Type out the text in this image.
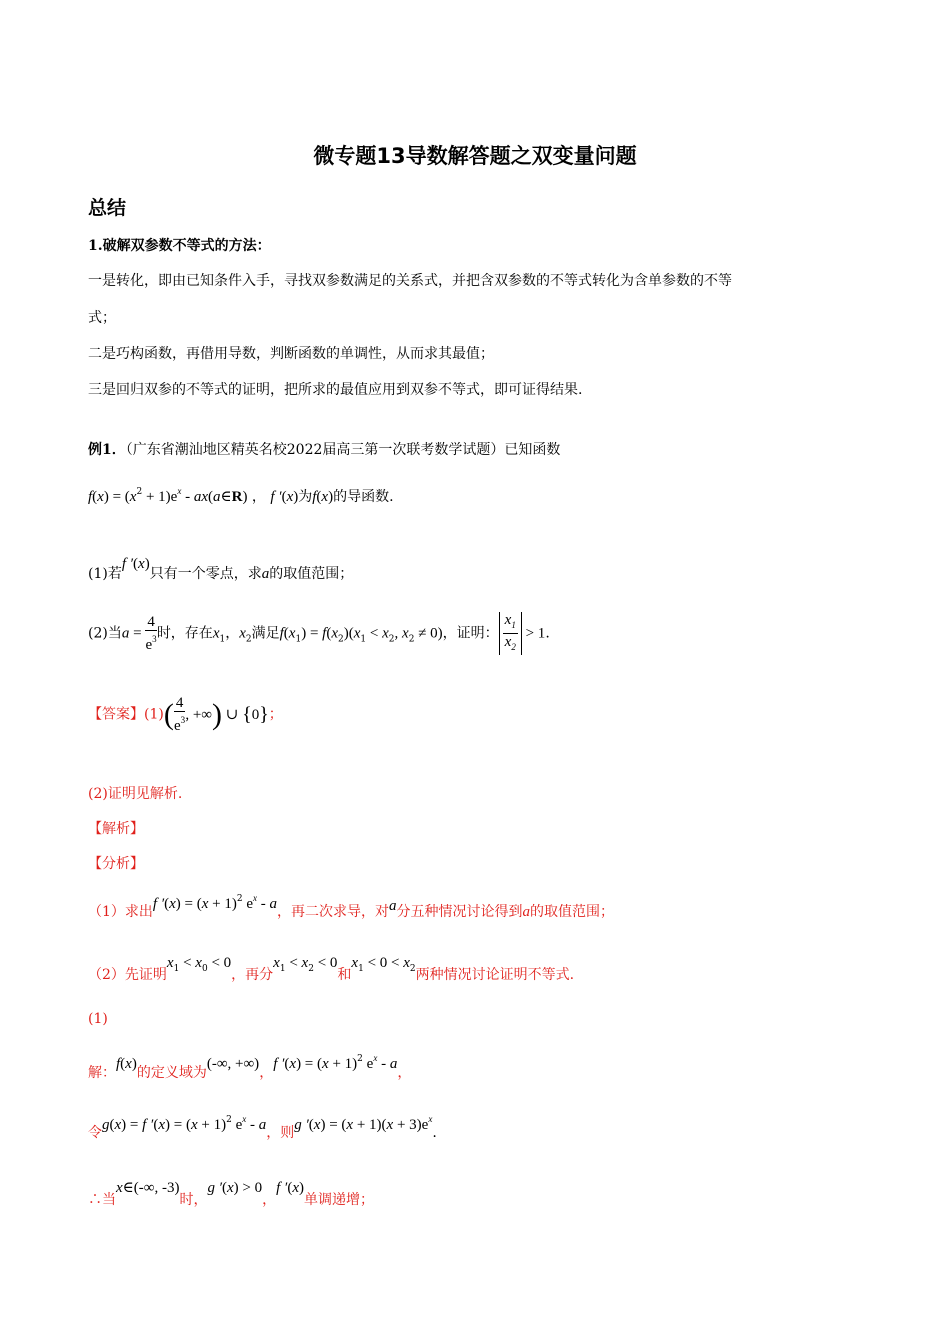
微专题13导数解答题之双变量问题
总结
1.破解双参数不等式的方法：
一是转化，即由已知条件入手，寻找双参数满足的关系式，并把含双参数的不等式转化为含单参数的不等
式；
二是巧构函数，再借用导数，判断函数的单调性，从而求其最值；
三是回归双参的不等式的证明，把所求的最值应用到双参不等式，即可证得结果.
例1．（广东省潮汕地区精英名校2022届高三第一次联考数学试题）已知函数
$f(x) = (x^2 + 1)e^x$ - ax(a∈R) ， f ′(x)为f(x)的导函数.
(1)若f ′(x)只有一个零点，求a的取值范围；
(2)当$a = \frac{4}{e^3}$ 时，存在$x_1$，$x_2$满足$f(x_1) = f(x_2)(x_1 < x_2$, $x_2 \ne 0$)，证明： $\frac{x_1}{x_2} > 1$.
【答案】$(1)( \frac{4}{e^3}$ , +∞) ∪ {0}；
(2)证明见解析.
【解析】
【分析】
（1）求出f $'(x) = (x + 1)^2$ $e^x$ - a，再二次求导，对a分五种情况讨论得到a的取值范围；
（2）先证明$x_1 < x_0 < 0$，再分$x_1 < x_2 < 0$和$x_1 < 0 < x_2$两种情况讨论证明不等式.
(1)
解：f(x)的定义域为(-∞, +∞)，f $'(x) = (x + 1)^2$ $e^x$ - a，
令g(x) = f $'(x) = (x + 1)^2$ $e^x$ - a，则g $'(x) = (x + 1)(x + 3)e^x$.
∴当x∈(-∞, -3)时，g ′(x) > 0，f ′(x)单调递增；
